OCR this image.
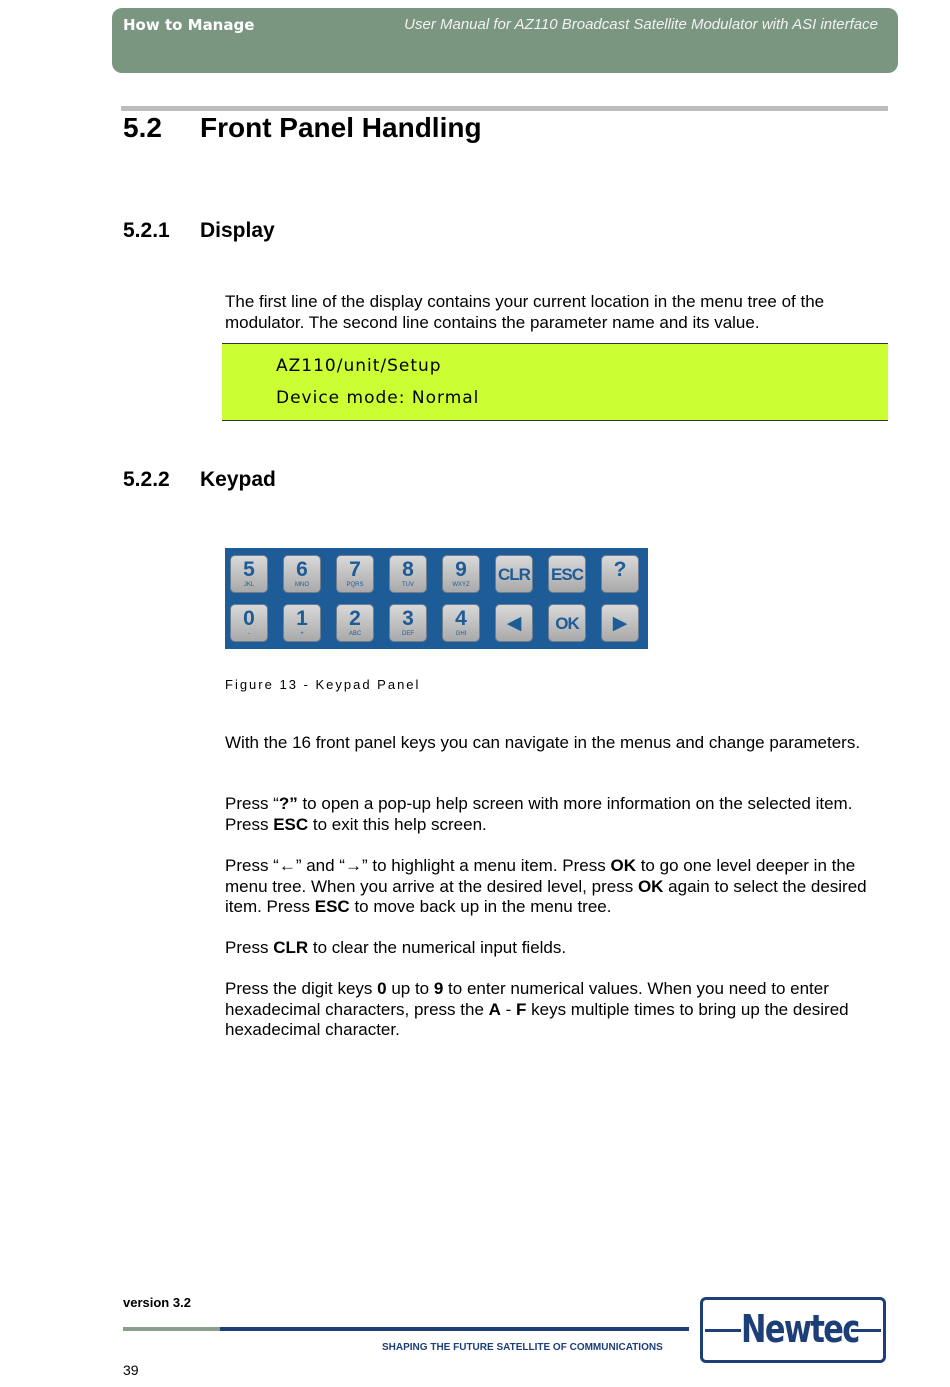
How to Manage	User Manual for AZ110 Broadcast Satellite Modulator with ASI interface
5.2 Front Panel Handling
5.2.1 Display
The first line of the display contains your current location in the menu tree of the modulator. The second line contains the parameter name and its value.
AZ110/unit/Setup
Device mode: Normal
5.2.2 Keypad
5
JKL
6
MNO
7
PQRS
8
TUV
9
WXYZ
CLR ESC	?
0
-
1
+
2
ABC
3
DEF
4
GHI	◀	OK	▶
Figure 13 - Keypad Panel
With the 16 front panel keys you can navigate in the menus and change parameters.
Press “?” to open a pop-up help screen with more information on the selected item. Press ESC to exit this help screen.
Press “←” and “→” to highlight a menu item. Press OK to go one level deeper in the menu tree. When you arrive at the desired level, press OK again to select the desired item. Press ESC to move back up in the menu tree.
Press CLR to clear the numerical input fields.
Press the digit keys 0 up to 9 to enter numerical values. When you need to enter hexadecimal characters, press the A - F keys multiple times to bring up the desired hexadecimal character.
version 3.2
SHAPING THE FUTURE SATELLITE OF COMMUNICATIONS Newtec
39
